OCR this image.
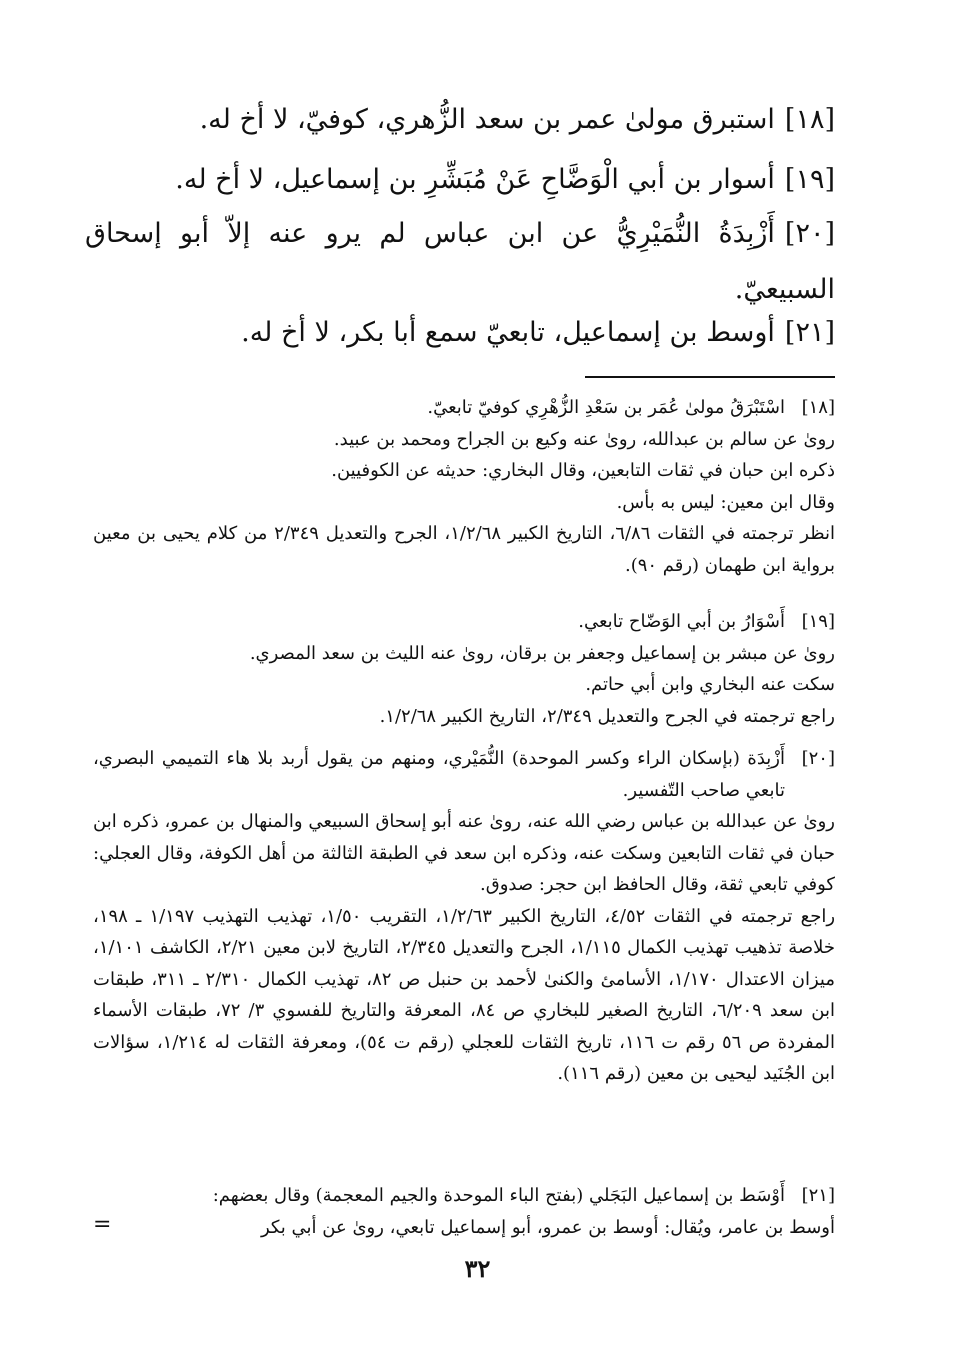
[١٨]استبرق مولىٰ عمر بن سعد الزُّهري، كوفيّ، لا أخ له.
[١٩]أسوار بن أبي الْوَضَّاحِ عَنْ مُبَشِّرِ بن إسماعيل، لا أخ له.
[٢٠]أَزْبِدَةُ النُّمَيْرِيُّ عن ابن عباس لم يرو عنه إلاّ أبو إسحاق السبيعيّ.
[٢١]أوسط بن إسماعيل، تابعيّ سمع أبا بكر، لا أخ له.
[١٨]
اسْتَبْرَقُ مولىٰ عُمَر بن سَعْدِ الزُّهْرِي كوفيّ تابعيّ.
روىٰ عن سالم بن عبدالله، روىٰ عنه وكيع بن الجراح ومحمد بن عبيد.
ذكره ابن حبان في ثقات التابعين، وقال البخاري: حديثه عن الكوفيين.
وقال ابن معين: ليس به بأس.
انظر ترجمته في الثقات ٦/٨٦، التاريخ الكبير ١/٢/٦٨، الجرح والتعديل ٢/٣٤٩ من كلام يحيى بن معين برواية ابن طهمان (رقم ٩٠).
[١٩]
أَسْوَارُ بن أبي الوَضّاح تابعي.
روىٰ عن مبشر بن إسماعيل وجعفر بن برقان، روىٰ عنه الليث بن سعد المصري.
سكت عنه البخاري وابن أبي حاتم.
راجع ترجمته في الجرح والتعديل ٢/٣٤٩، التاريخ الكبير ١/٢/٦٨.
[٢٠]
أَزْبِدَة (بإسكان الراء وكسر الموحدة) النُّمَيْري، ومنهم من يقول أربد بلا هاء التميمي البصري، تابعي صاحب التّفسير.
روىٰ عن عبدالله بن عباس رضي الله عنه، روىٰ عنه أبو إسحاق السبيعي والمنهال بن عمرو، ذكره ابن حبان في ثقات التابعين وسكت عنه، وذكره ابن سعد في الطبقة الثالثة من أهل الكوفة، وقال العجلي: كوفي تابعي ثقة، وقال الحافظ ابن حجر: صدوق.
راجع ترجمته في الثقات ٤/٥٢، التاريخ الكبير ١/٢/٦٣، التقريب ١/٥٠، تهذيب التهذيب ١/١٩٧ ـ ١٩٨، خلاصة تذهيب تهذيب الكمال ١/١١٥، الجرح والتعديل ٢/٣٤٥، التاريخ لابن معين ٢/٢١، الكاشف ١/١٠١، ميزان الاعتدال ١/١٧٠، الأسامئ والكنىٰ لأحمد بن حنبل ص ٨٢، تهذيب الكمال ٢/٣١٠ ـ ٣١١، طبقات ابن سعد ٦/٢٠٩، التاريخ الصغير للبخاري ص ٨٤، المعرفة والتاريخ للفسوي ٣/ ٧٢، طبقات الأسماء المفردة ص ٥٦ رقم ت ١١٦، تاريخ الثقات للعجلي (رقم ت ٥٤)، ومعرفة الثقات له ١/٢١٤، سؤالات ابن الجُنَيد ليحيى بن معين (رقم ١١٦).
[٢١]
أَوْسَط بن إسماعيل البَجَلي (بفتح الباء الموحدة والجيم المعجمة) وقال بعضهم:
أوسط بن عامر، ويُقال: أوسط بن عمرو، أبو إسماعيل تابعي، روىٰ عن أبي بكر
=
٣٢
